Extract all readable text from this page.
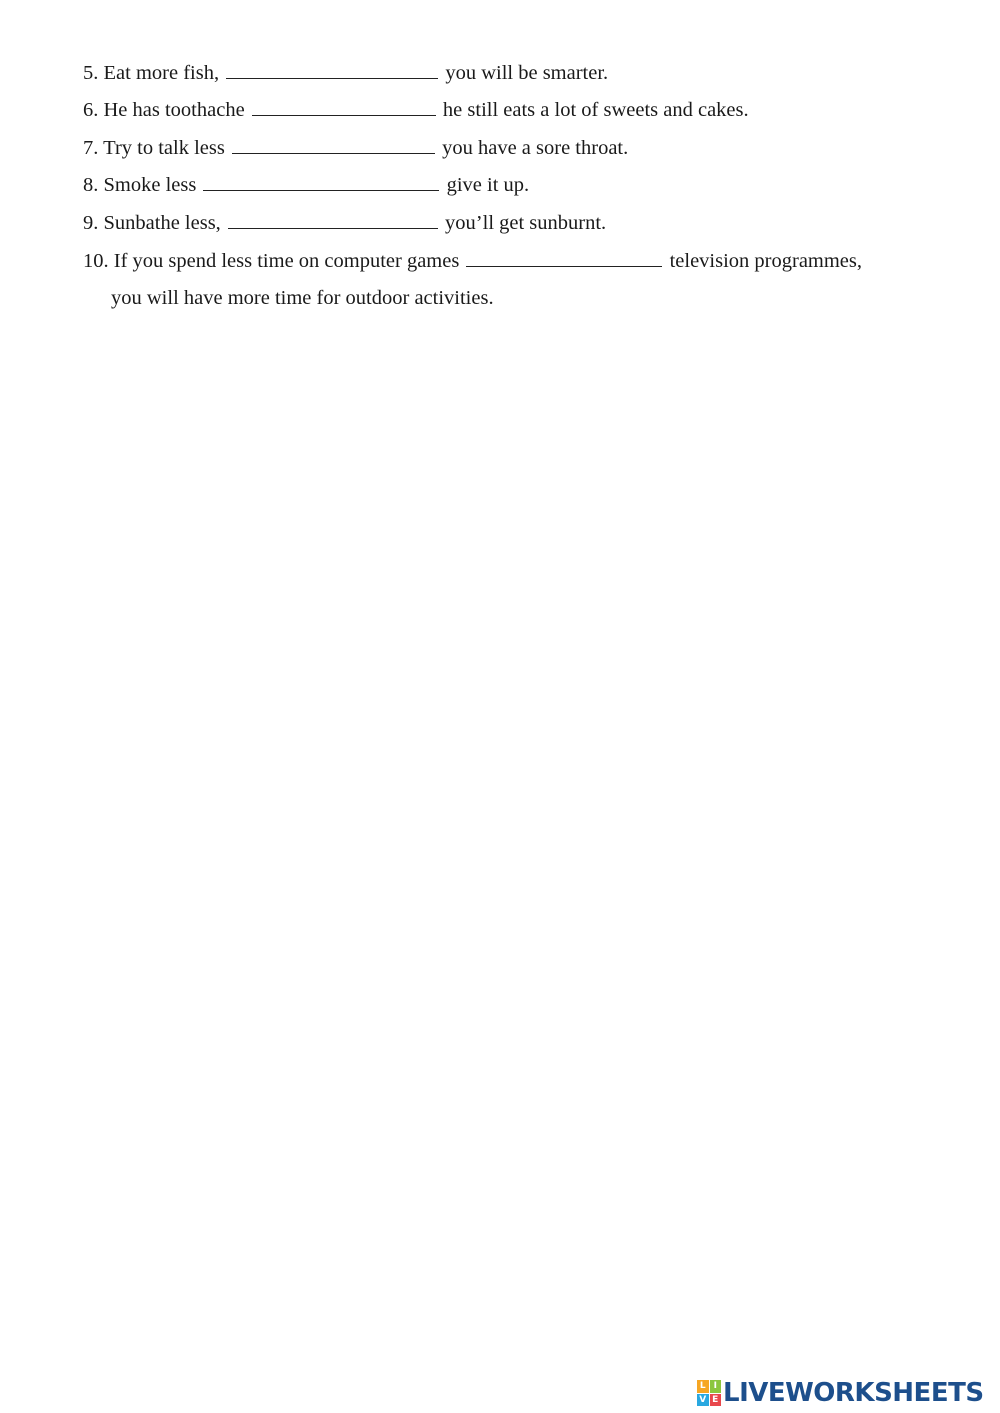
5. Eat more fish,	you will be smarter.
6. He has toothache	he still eats a lot of sweets and cakes.
7. Try to talk less	you have a sore throat.
8. Smoke less	give it up.
9. Sunbathe less,	you’ll get sunburnt.
10. If you spend less time on computer games	television programmes,
you will have more time for outdoor activities.
L I
V E LIVEWORKSHEETS
